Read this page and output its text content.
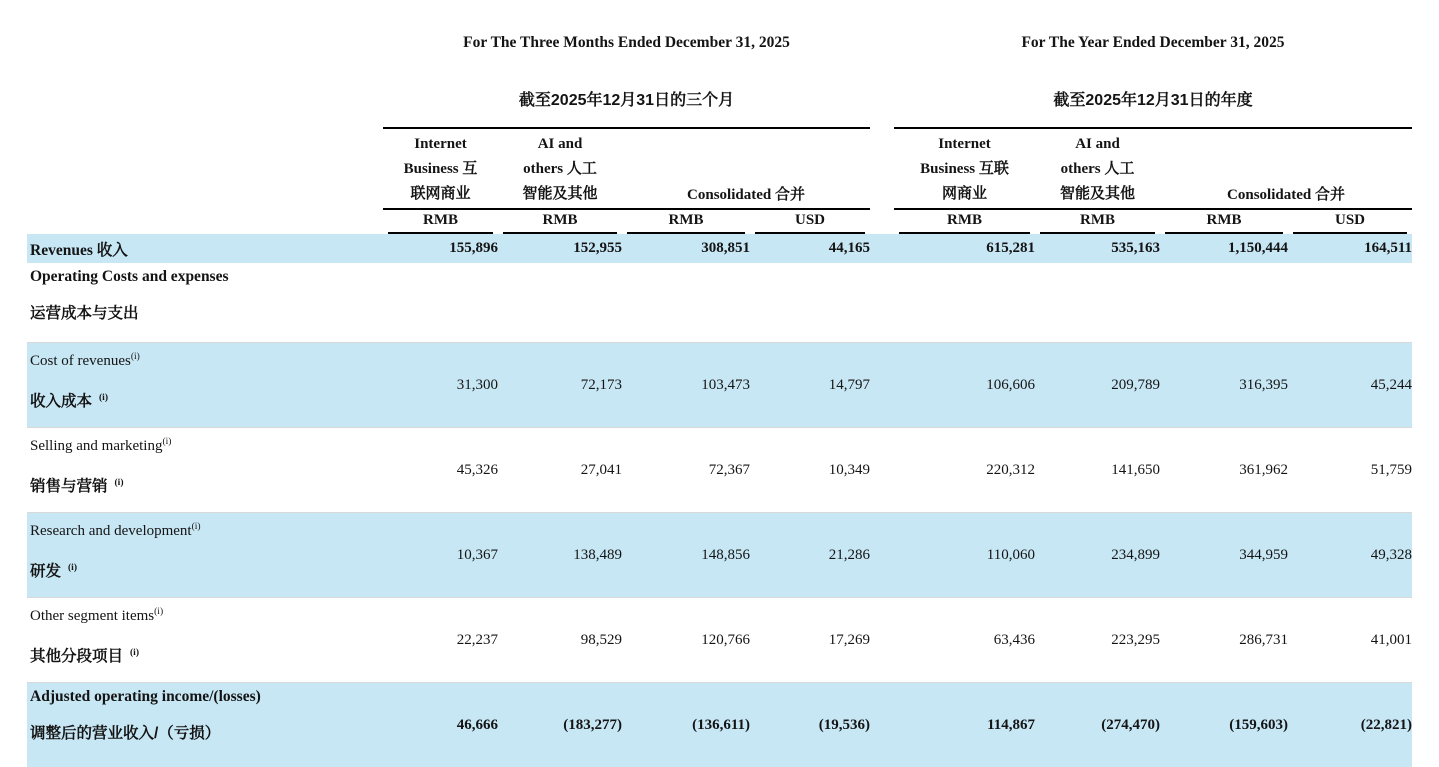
For The Three Months Ended December 31, 2025	For The Year Ended December 31, 2025
截至2025年12月31日的三个月	截至2025年12月31日的年度
Internet
Business 互
联网商业
AI and
others 人工
智能及其他	Consolidated 合并
Internet
Business 互联
网商业
AI and
others 人工
智能及其他	Consolidated 合并
RMB	RMB	RMB	USD	RMB	RMB	RMB	USD
Revenues 收入	155,896	152,955	308,851	44,165	615,281	535,163	1,150,444	164,511
Operating Costs and expenses
运营成本与支出
Cost of revenues$^{(i)}$
收入成本 $^{(i)}$
31,300	72,173	103,473	14,797	106,606	209,789	316,395	45,244
Selling and marketing$^{(i)}$
销售与营销 $^{(i)}$
45,326	27,041	72,367	10,349	220,312	141,650	361,962	51,759
Research and development$^{(i)}$
研发 $^{(i)}$
10,367	138,489	148,856	21,286	110,060	234,899	344,959	49,328
Other segment items$^{(i)}$
其他分段项目 $^{(i)}$
22,237	98,529	120,766	17,269	63,436	223,295	286,731	41,001
Adjusted operating income/(losses)
调整后的营业收入/（亏损）
46,666	(183,277)	(136,611)	(19,536)	114,867	(274,470)	(159,603)	(22,821)
